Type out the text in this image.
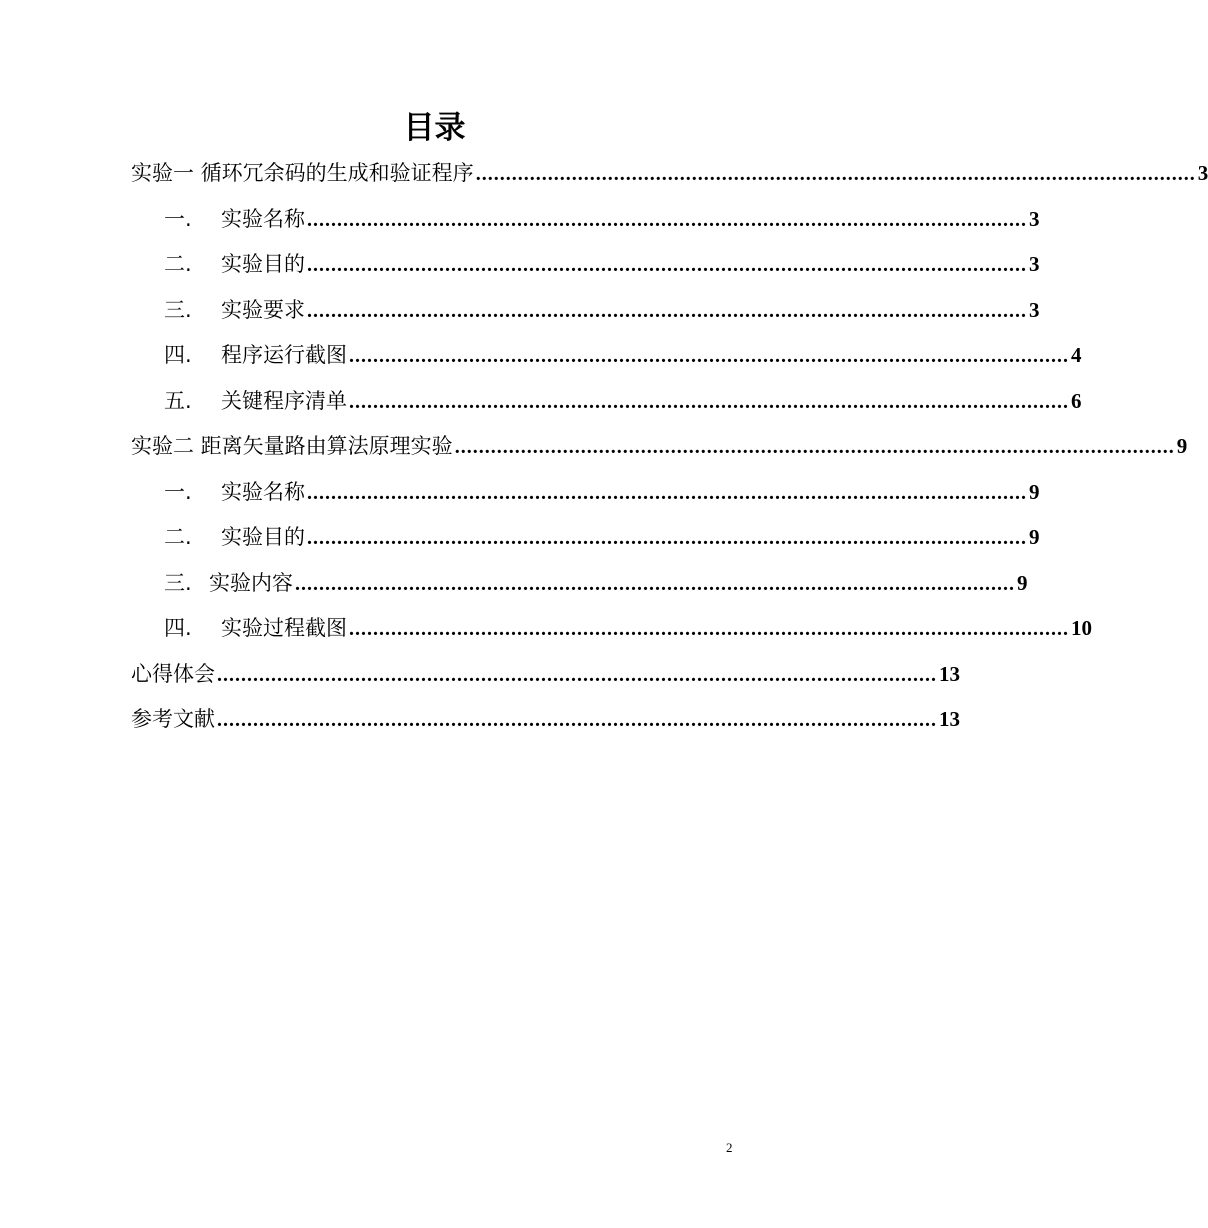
目录
实验一 循环冗余码的生成和验证程序 ........................................................................................................................ 3
一.	实验名称 ........................................................................................................................ 3
二.	实验目的 ........................................................................................................................ 3
三.	实验要求 ........................................................................................................................ 3
四.	程序运行截图 ........................................................................................................................ 4
五.	关键程序清单 ........................................................................................................................ 6
实验二 距离矢量路由算法原理实验 ........................................................................................................................ 9
一.	实验名称 ........................................................................................................................ 9
二.	实验目的 ........................................................................................................................ 9
三. 实验内容 ........................................................................................................................ 9
四.	实验过程截图 ........................................................................................................................ 10
心得体会 ........................................................................................................................ 13
参考文献 ........................................................................................................................ 13
2
